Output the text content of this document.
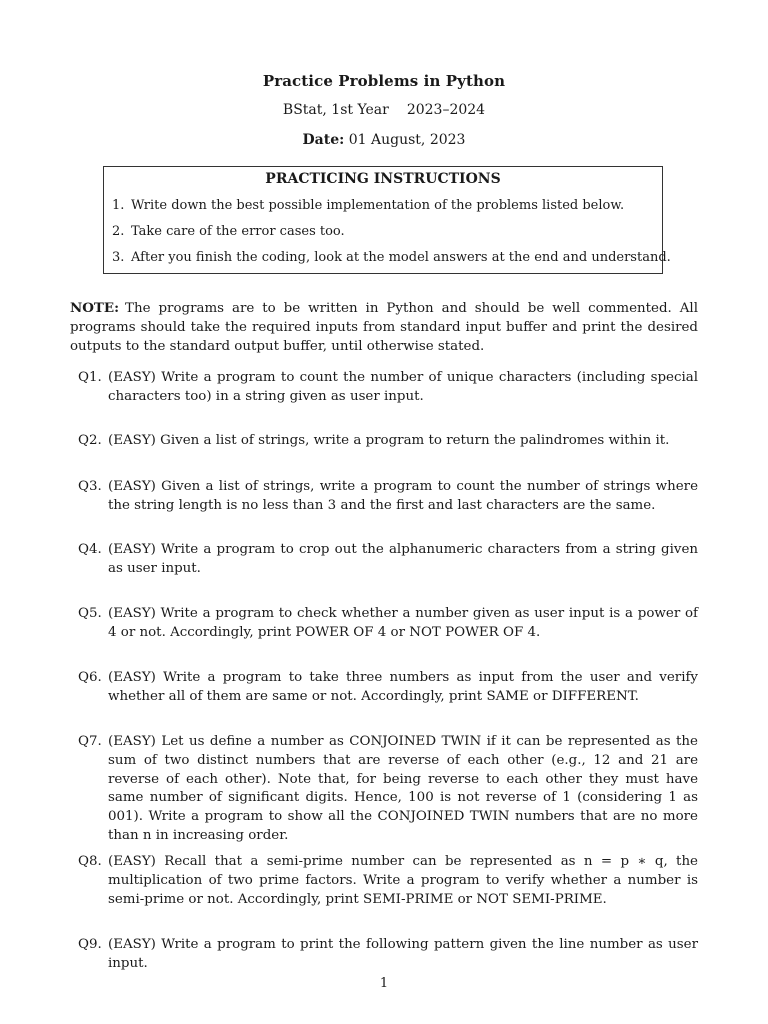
Practice Problems in Python
BStat, 1st Year 2023–2024
Date: 01 August, 2023
PRACTICING INSTRUCTIONS
1. Write down the best possible implementation of the problems listed below.
2. Take care of the error cases too.
3. After you finish the coding, look at the model answers at the end and understand.
NOTE: The programs are to be written in Python and should be well commented. All programs should take the required inputs from standard input buffer and print the desired outputs to the standard output buffer, until otherwise stated.
Q1. (EASY) Write a program to count the number of unique characters (including special characters too) in a string given as user input.
Q2. (EASY) Given a list of strings, write a program to return the palindromes within it.
Q3. (EASY) Given a list of strings, write a program to count the number of strings where the string length is no less than 3 and the first and last characters are the same.
Q4. (EASY) Write a program to crop out the alphanumeric characters from a string given as user input.
Q5. (EASY) Write a program to check whether a number given as user input is a power of 4 or not. Accordingly, print POWER OF 4 or NOT POWER OF 4.
Q6. (EASY) Write a program to take three numbers as input from the user and verify whether all of them are same or not. Accordingly, print SAME or DIFFERENT.
Q7. (EASY) Let us define a number as CONJOINED TWIN if it can be represented as the sum of two distinct numbers that are reverse of each other (e.g., 12 and 21 are reverse of each other). Note that, for being reverse to each other they must have same number of significant digits. Hence, 100 is not reverse of 1 (considering 1 as 001). Write a program to show all the CONJOINED TWIN numbers that are no more than n in increasing order.
Q8. (EASY) Recall that a semi-prime number can be represented as n = p ∗ q, the multiplication of two prime factors. Write a program to verify whether a number is semi-prime or not. Accordingly, print SEMI-PRIME or NOT SEMI-PRIME.
Q9. (EASY) Write a program to print the following pattern given the line number as user input.
1
